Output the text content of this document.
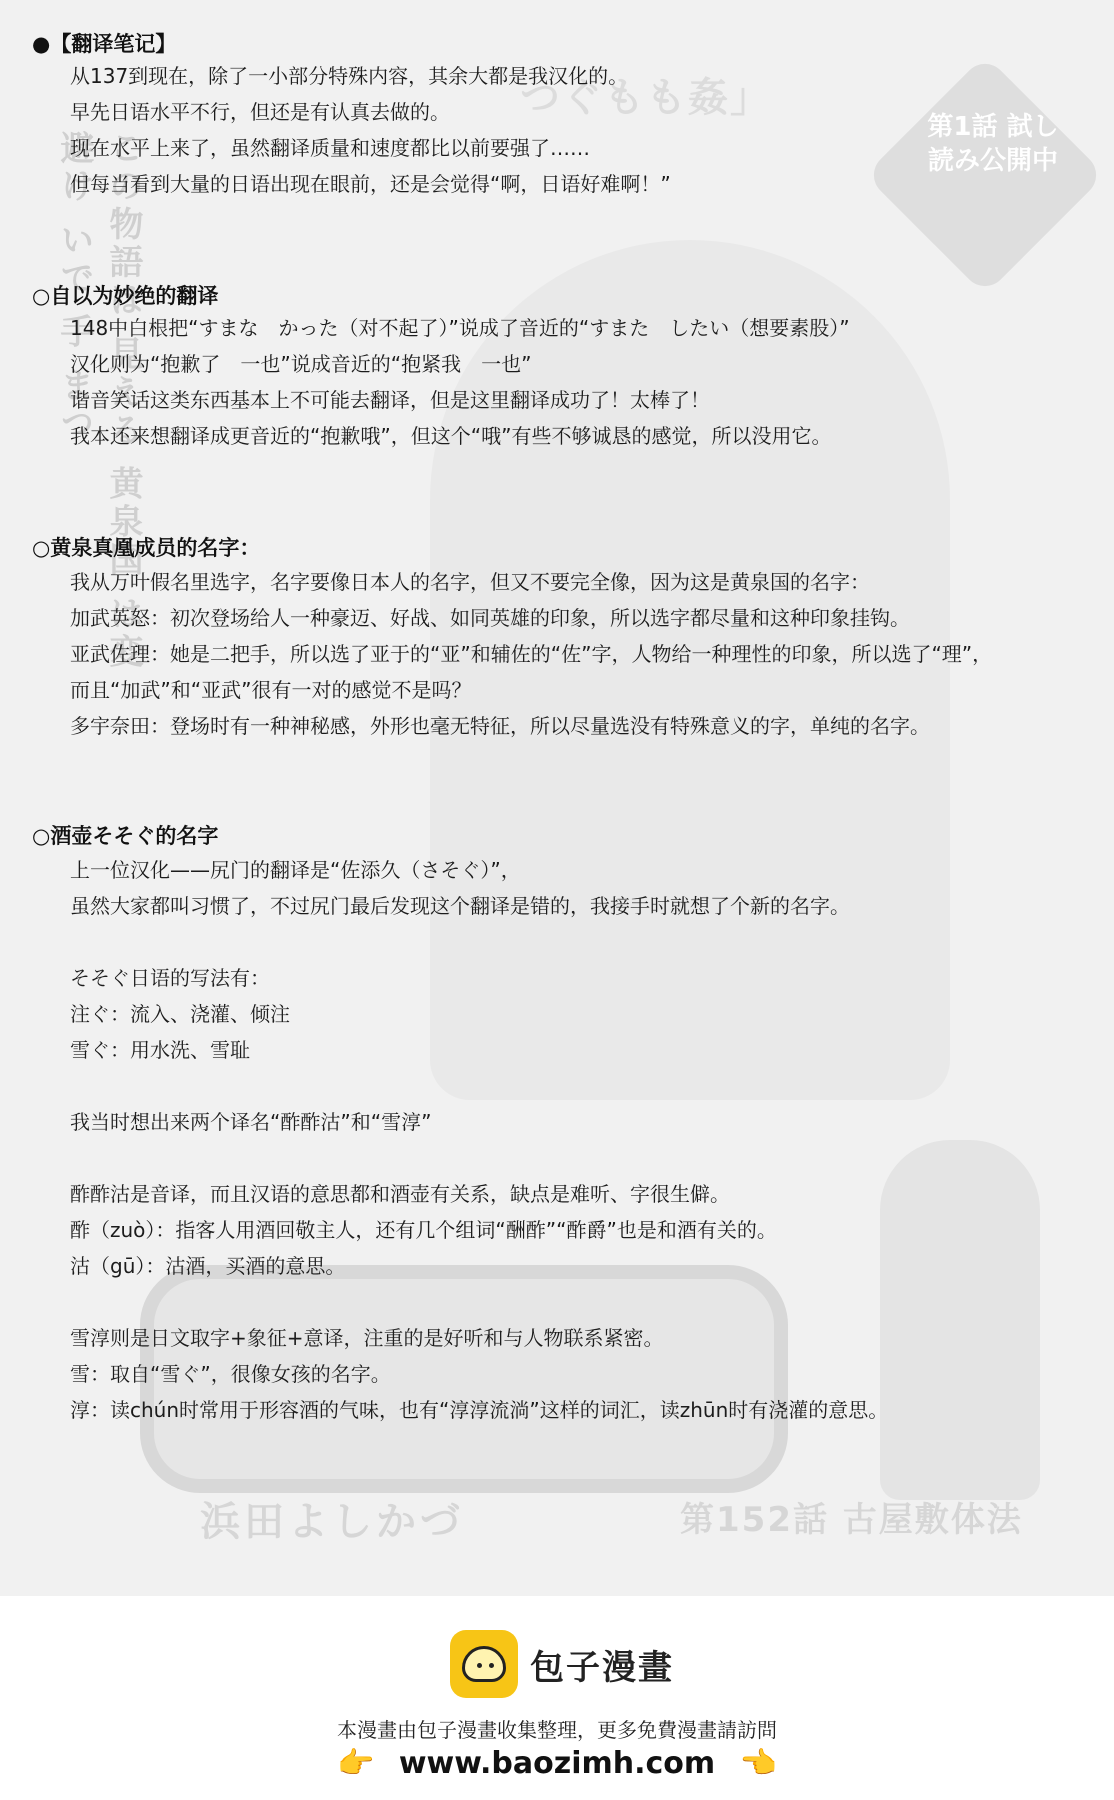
第1話 試し読み公開中
つぐもも姦」
この物語は 見える 黄泉国 は変 避け いで 手 まつ
浜田よしかづ	第152話 古屋敷体法
●【翻译笔记】
从137到现在，除了一小部分特殊内容，其余大都是我汉化的。
早先日语水平不行，但还是有认真去做的。
现在水平上来了，虽然翻译质量和速度都比以前要强了……
但每当看到大量的日语出现在眼前，还是会觉得“啊，日语好难啊！”
○自以为妙绝的翻译
148中白根把“すまな　かった（对不起了）”说成了音近的“すまた　したい（想要素股）”
汉化则为“抱歉了　一也”说成音近的“抱紧我　一也”
谐音笑话这类东西基本上不可能去翻译，但是这里翻译成功了！太棒了！
我本还来想翻译成更音近的“抱歉哦”，但这个“哦”有些不够诚恳的感觉，所以没用它。
○黄泉真凰成员的名字：
我从万叶假名里选字，名字要像日本人的名字，但又不要完全像，因为这是黄泉国的名字：
加武英怒：初次登场给人一种豪迈、好战、如同英雄的印象，所以选字都尽量和这种印象挂钩。
亚武佐理：她是二把手，所以选了亚于的“亚”和辅佐的“佐”字，人物给一种理性的印象，所以选了“理”，
而且“加武”和“亚武”很有一对的感觉不是吗？
多宇奈田：登场时有一种神秘感，外形也毫无特征，所以尽量选没有特殊意义的字，单纯的名字。
○酒壶そそぐ的名字
上一位汉化——尻门的翻译是“佐添久（さそぐ）”，
虽然大家都叫习惯了，不过尻门最后发现这个翻译是错的，我接手时就想了个新的名字。
そそぐ日语的写法有：
注ぐ：流入、浇灌、倾注
雪ぐ：用水洗、雪耻
我当时想出来两个译名“酢酢沽”和“雪淳”
酢酢沽是音译，而且汉语的意思都和酒壶有关系，缺点是难听、字很生僻。
酢（zuò）：指客人用酒回敬主人，还有几个组词“酬酢”“酢爵”也是和酒有关的。
沽（gū）：沽酒，买酒的意思。
雪淳则是日文取字+象征+意译，注重的是好听和与人物联系紧密。
雪：取自“雪ぐ”，很像女孩的名字。
淳：读chún时常用于形容酒的气味，也有“淳淳流淌”这样的词汇，读zhūn时有浇灌的意思。
包子漫畫
本漫畫由包子漫畫收集整理，更多免費漫畫請訪問
👉 www.baozimh.com 👈
